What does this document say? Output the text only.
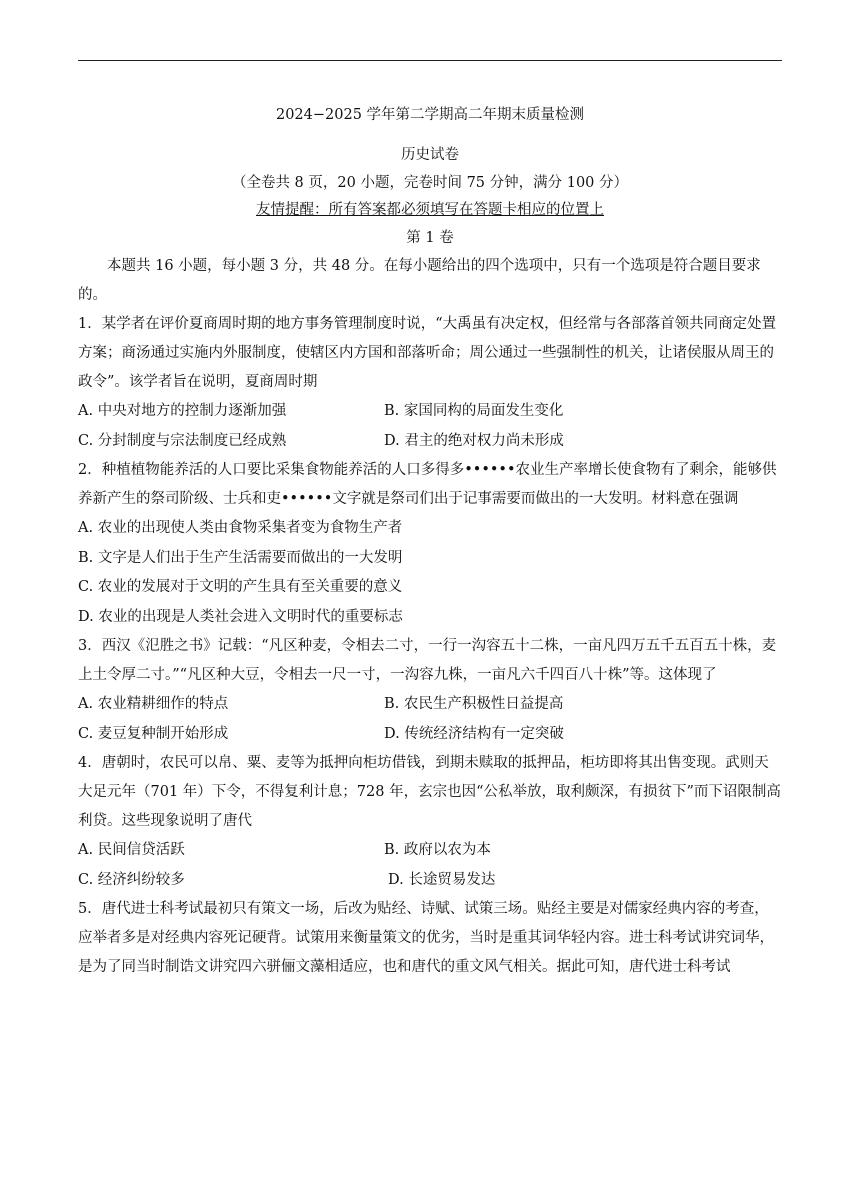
2024−2025 学年第二学期高二年期末质量检测
历史试卷
（全卷共 8 页，20 小题，完卷时间 75 分钟，满分 100 分）
友情提醒：所有答案都必须填写在答题卡相应的位置上
第 1 卷

本题共 16 小题，每小题 3 分，共 48 分。在每小题给出的四个选项中，只有一个选项是符合题目要求的。

1．某学者在评价夏商周时期的地方事务管理制度时说，“大禹虽有决定权，但经常与各部落首领共同商定处置方案；商汤通过实施内外服制度，使辖区内方国和部落听命；周公通过一些强制性的机关，让诸侯服从周王的政令”。该学者旨在说明，夏商周时期

A. 中央对地方的控制力逐渐加强	B. 家国同构的局面发生变化
C. 分封制度与宗法制度已经成熟	D. 君主的绝对权力尚未形成

2．种植植物能养活的人口要比采集食物能养活的人口多得多••••••农业生产率增长使食物有了剩余，能够供养新产生的祭司阶级、士兵和吏••••••文字就是祭司们出于记事需要而做出的一大发明。材料意在强调

A. 农业的出现使人类由食物采集者变为食物生产者
B. 文字是人们出于生产生活需要而做出的一大发明
C. 农业的发展对于文明的产生具有至关重要的意义
D. 农业的出现是人类社会进入文明时代的重要标志

3．西汉《氾胜之书》记载：“凡区种麦，令相去二寸，一行一沟容五十二株，一亩凡四万五千五百五十株，麦上土令厚二寸。”“凡区种大豆，令相去一尺一寸，一沟容九株，一亩凡六千四百八十株”等。这体现了

A. 农业精耕细作的特点	B. 农民生产积极性日益提高
C. 麦豆复种制开始形成	D. 传统经济结构有一定突破

4．唐朝时，农民可以帛、粟、麦等为抵押向柜坊借钱，到期未赎取的抵押品，柜坊即将其出售变现。武则天大足元年（701 年）下令，不得复利计息；728 年，玄宗也因“公私举放，取利颇深，有损贫下”而下诏限制高利贷。这些现象说明了唐代

A. 民间信贷活跃	B. 政府以农为本
C. 经济纠纷较多	D. 长途贸易发达

5．唐代进士科考试最初只有策文一场，后改为贴经、诗赋、试策三场。贴经主要是对儒家经典内容的考查，应举者多是对经典内容死记硬背。试策用来衡量策文的优劣，当时是重其词华轻内容。进士科考试讲究词华，是为了同当时制诰文讲究四六骈俪文藻相适应，也和唐代的重文风气相关。据此可知，唐代进士科考试
